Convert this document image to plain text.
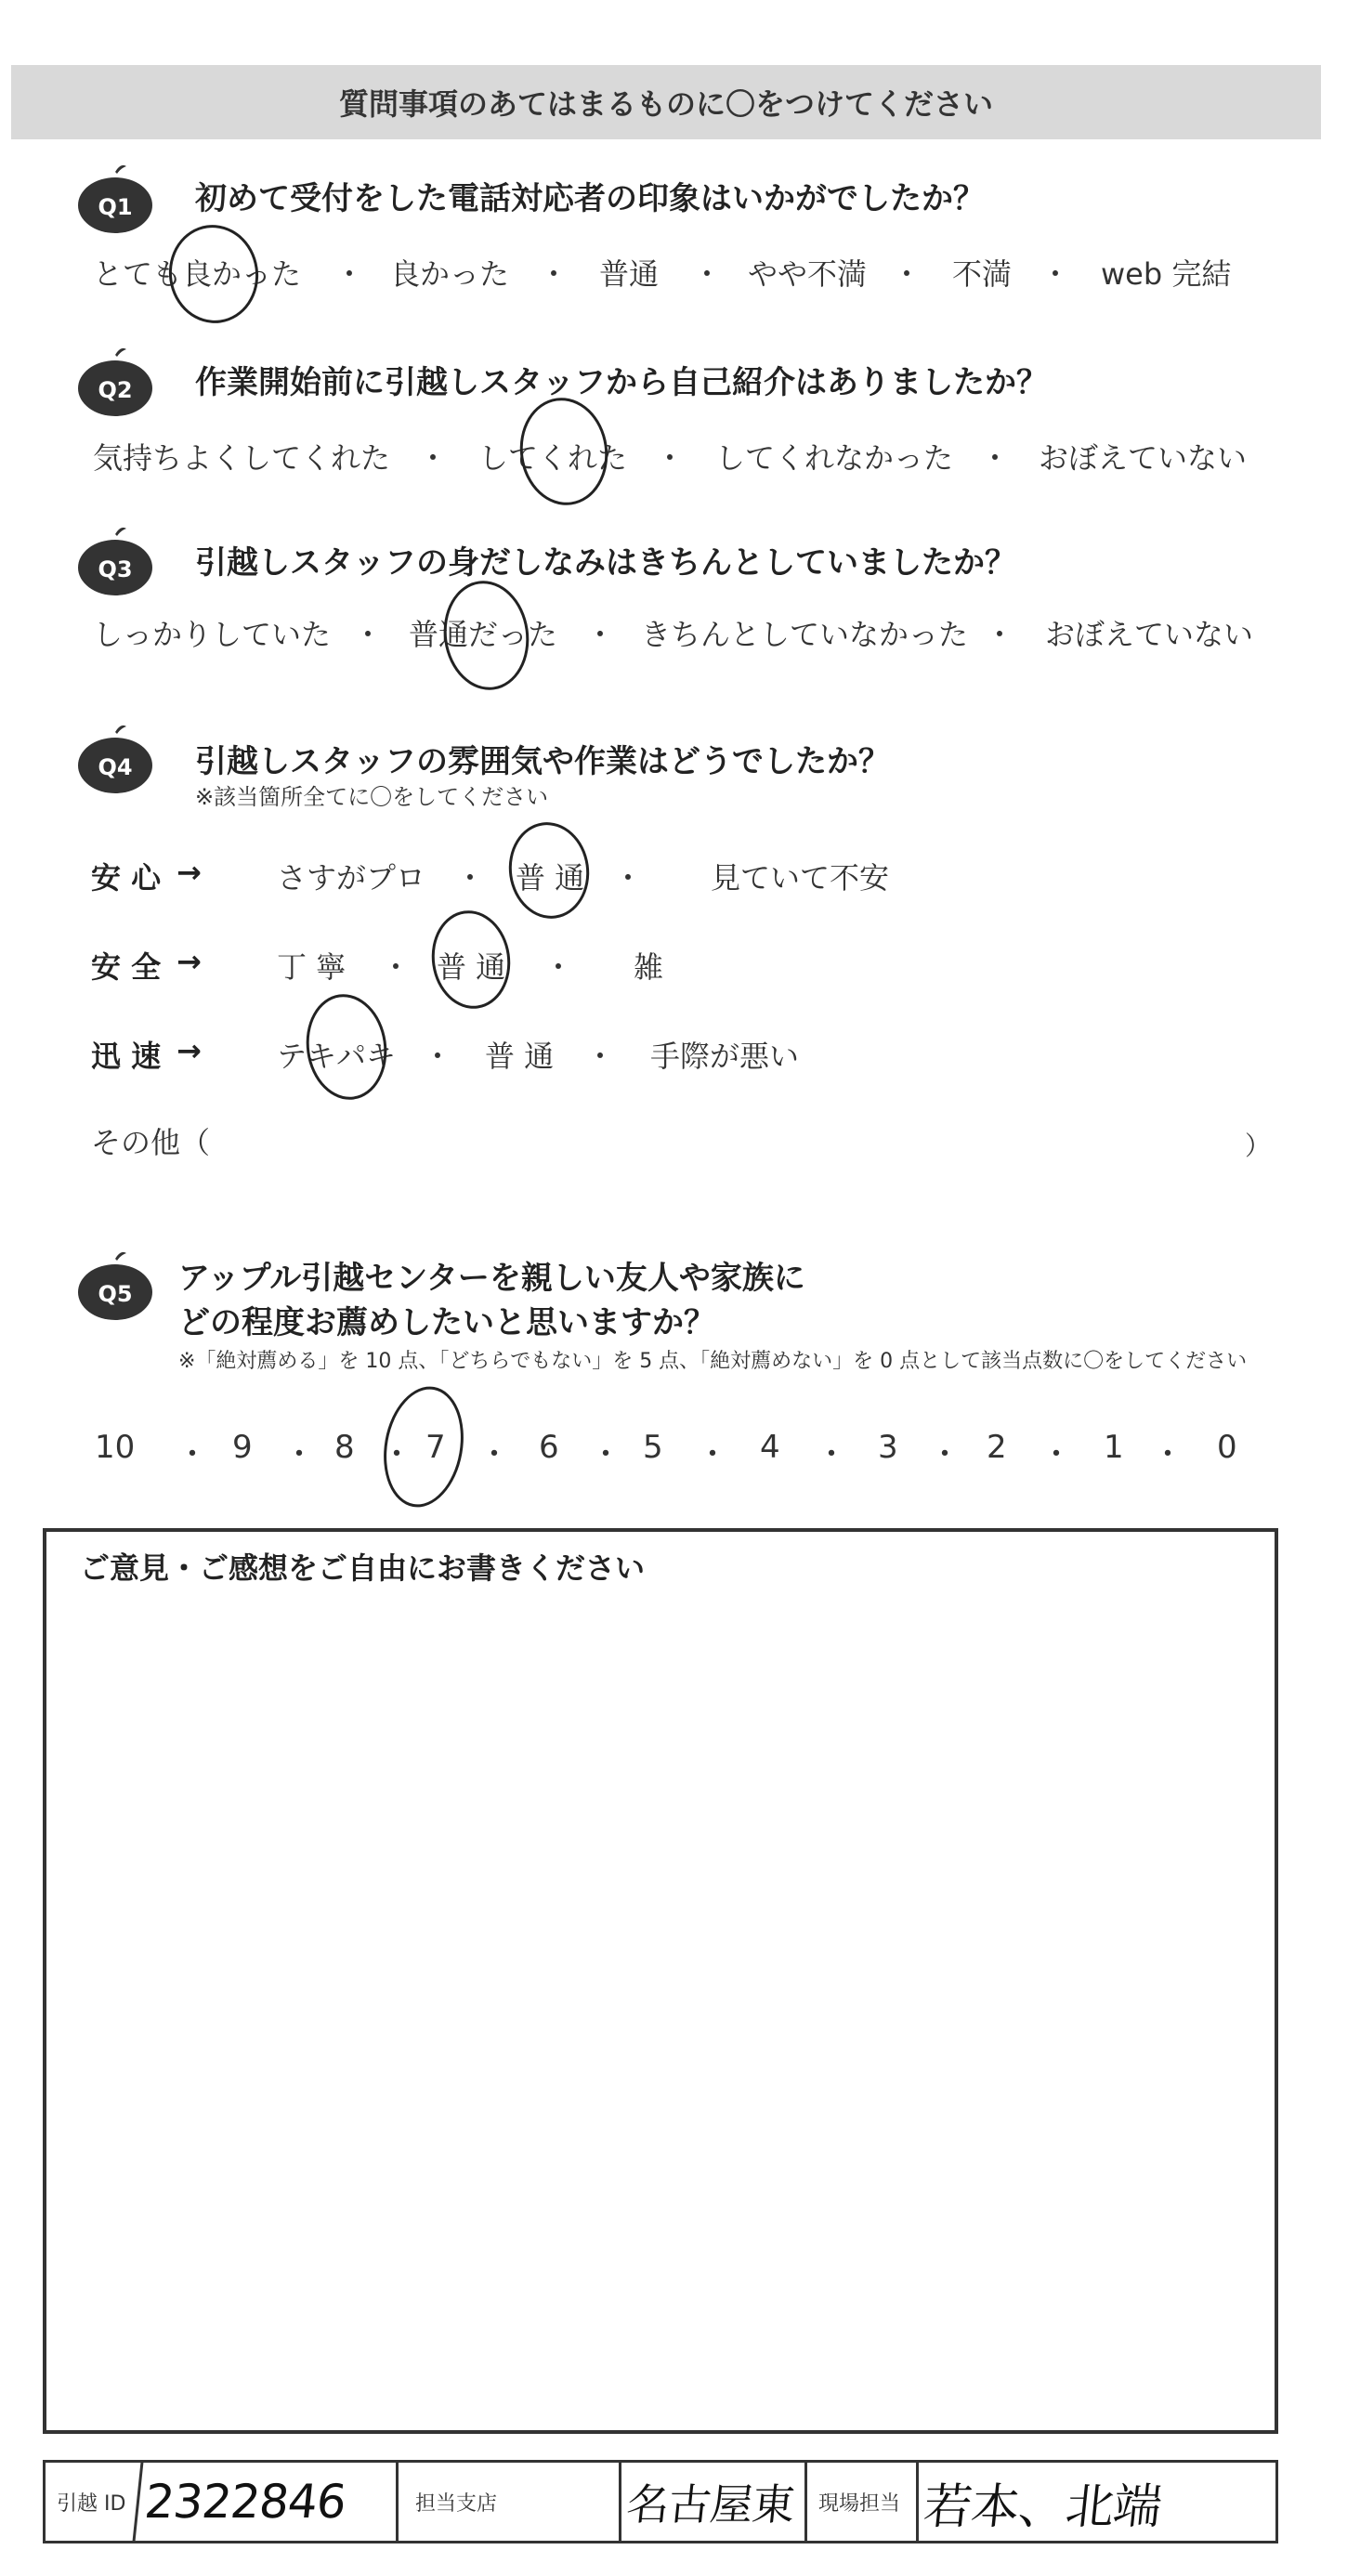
質問事項のあてはまるものに〇をつけてください
Q1 初めて受付をした電話対応者の印象はいかがでしたか？
とても良かった ・ 良かった ・ 普通 ・ やや不満 ・ 不満 ・ web 完結
Q2 作業開始前に引越しスタッフから自己紹介はありましたか？
気持ちよくしてくれた ・ してくれた ・ してくれなかった ・ おぼえていない
Q3 引越しスタッフの身だしなみはきちんとしていましたか？
しっかりしていた ・ 普通だった ・ きちんとしていなかった ・ おぼえていない
Q4 引越しスタッフの雰囲気や作業はどうでしたか？
※該当箇所全てに〇をしてください
安 心 →	さすがプロ ・ 普 通 ・ 見ていて不安
安 全 →	丁 寧 ・ 普 通 ・ 雑
迅 速 →	テキパキ ・ 普 通 ・ 手際が悪い
その他（	）
Q5 アップル引越センターを親しい友人や家族に
どの程度お薦めしたいと思いますか？
※「絶対薦める」を 10 点、「どちらでもない」を 5 点、「絶対薦めない」を 0 点として該当点数に〇をしてください
10 ・ 9 ・ 8 ・ 7 ・ 6 ・ 5 ・ 4 ・ 3 ・ 2 ・ 1 ・ 0
ご意見・ご感想をご自由にお書きください
引越 ID 2322846	担当支店	名古屋東	現場担当 若本、北端
